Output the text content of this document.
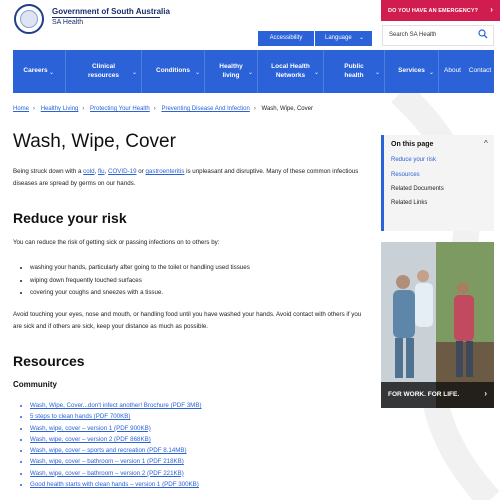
Government of South Australia
SA Health
DO YOU HAVE AN EMERGENCY? ›
Accessibility	Language ⌄	Search SA Health
Careers ⌄
Clinical resources	⌄	Conditions ⌄
Healthy living	⌄
Local Health Networks	⌄
Public health	⌄	Services ⌄	About	Contact
Home › Healthy Living › Protecting Your Health › Preventing Disease And Infection › Wash, Wipe, Cover
Wash, Wipe, Cover

Being struck down with a cold, flu, COVID-19 or gastroenteritis is unpleasant and disruptive. Many of these common infectious diseases are spread by germs on our hands.

Reduce your risk

You can reduce the risk of getting sick or passing infections on to others by:

• washing your hands, particularly after going to the toilet or handling used tissues
• wiping down frequently touched surfaces
• covering your coughs and sneezes with a tissue.

Avoid touching your eyes, nose and mouth, or handling food until you have washed your hands. Avoid contact with others if you are sick and if others are sick, keep your distance as much as possible.

Resources
Community
• Wash, Wipe, Cover...don't infect another! Brochure (PDF 3MB)
• 5 steps to clean hands (PDF 700KB)
• Wash, wipe, cover – version 1 (PDF 900KB)
• Wash, wipe, cover – version 2 (PDF 868KB)
• Wash, wipe, cover – sports and recreation (PDF 8.14MB)
• Wash, wipe, cover – bathroom – version 1 (PDF 218KB)
• Wash, wipe, cover – bathroom – version 2 (PDF 221KB)
• Good health starts with clean hands – version 1 (PDF 300KB)
On this page	^
Reduce your risk
Resources
Related Documents
Related Links
FOR WORK. FOR LIFE.	›
